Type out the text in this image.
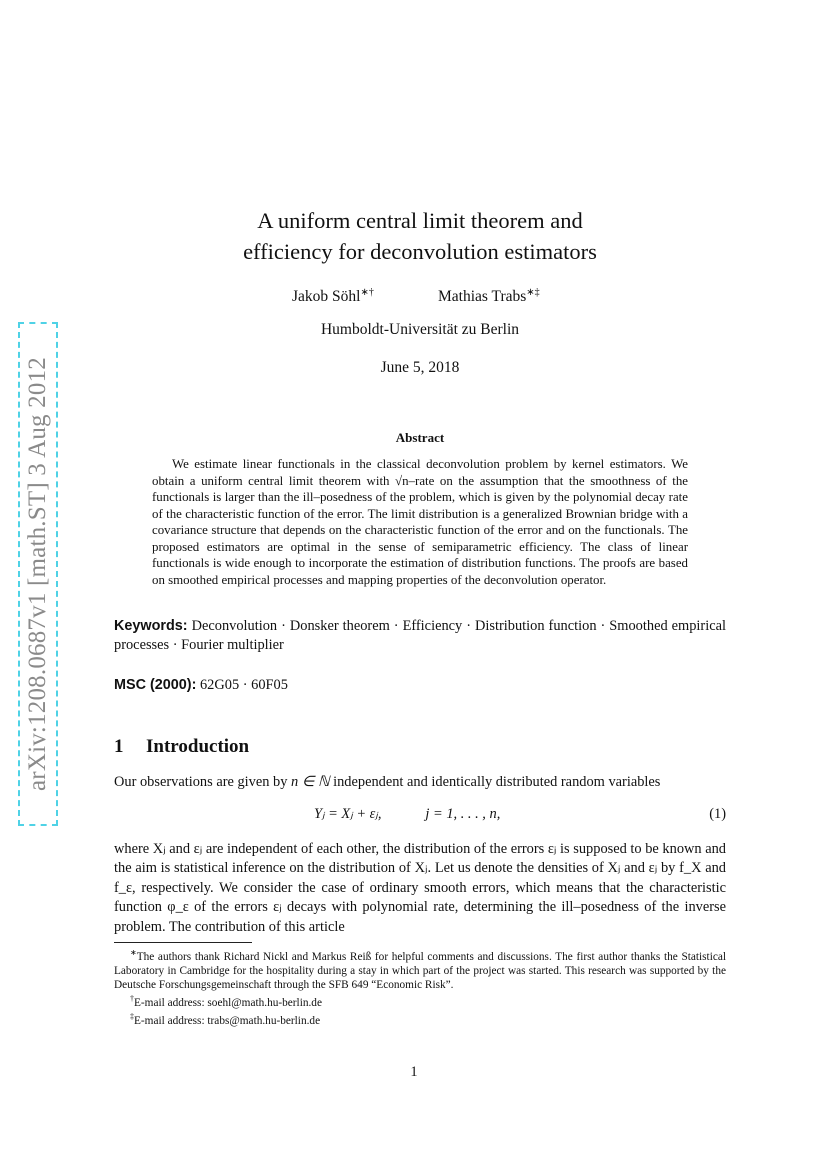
arXiv:1208.0687v1 [math.ST] 3 Aug 2012
A uniform central limit theorem and
efficiency for deconvolution estimators
Jakob Söhl∗†	Mathias Trabs∗‡
Humboldt-Universität zu Berlin
June 5, 2018
Abstract
We estimate linear functionals in the classical deconvolution problem by kernel estimators. We obtain a uniform central limit theorem with √n–rate on the assumption that the smoothness of the functionals is larger than the ill–posedness of the problem, which is given by the polynomial decay rate of the characteristic function of the error. The limit distribution is a generalized Brownian bridge with a covariance structure that depends on the characteristic function of the error and on the functionals. The proposed estimators are optimal in the sense of semiparametric efficiency. The class of linear functionals is wide enough to incorporate the estimation of distribution functions. The proofs are based on smoothed empirical processes and mapping properties of the deconvolution operator.
Keywords: Deconvolution · Donsker theorem · Efficiency · Distribution function · Smoothed empirical processes · Fourier multiplier
MSC (2000): 62G05 · 60F05
1 Introduction
Our observations are given by n ∈ ℕ independent and identically distributed random variables
Yⱼ = Xⱼ + εⱼ,	j = 1, . . . , n,	(1)
where Xⱼ and εⱼ are independent of each other, the distribution of the errors εⱼ is supposed to be known and the aim is statistical inference on the distribution of Xⱼ. Let us denote the densities of Xⱼ and εⱼ by f_X and f_ε, respectively. We consider the case of ordinary smooth errors, which means that the characteristic function φ_ε of the errors εⱼ decays with polynomial rate, determining the ill–posedness of the inverse problem. The contribution of this article

∗The authors thank Richard Nickl and Markus Reiß for helpful comments and discussions. The first author thanks the Statistical Laboratory in Cambridge for the hospitality during a stay in which part of the project was started. This research was supported by the Deutsche Forschungsgemeinschaft through the SFB 649 “Economic Risk”.

†E-mail address: soehl@math.hu-berlin.de

‡E-mail address: trabs@math.hu-berlin.de

1
